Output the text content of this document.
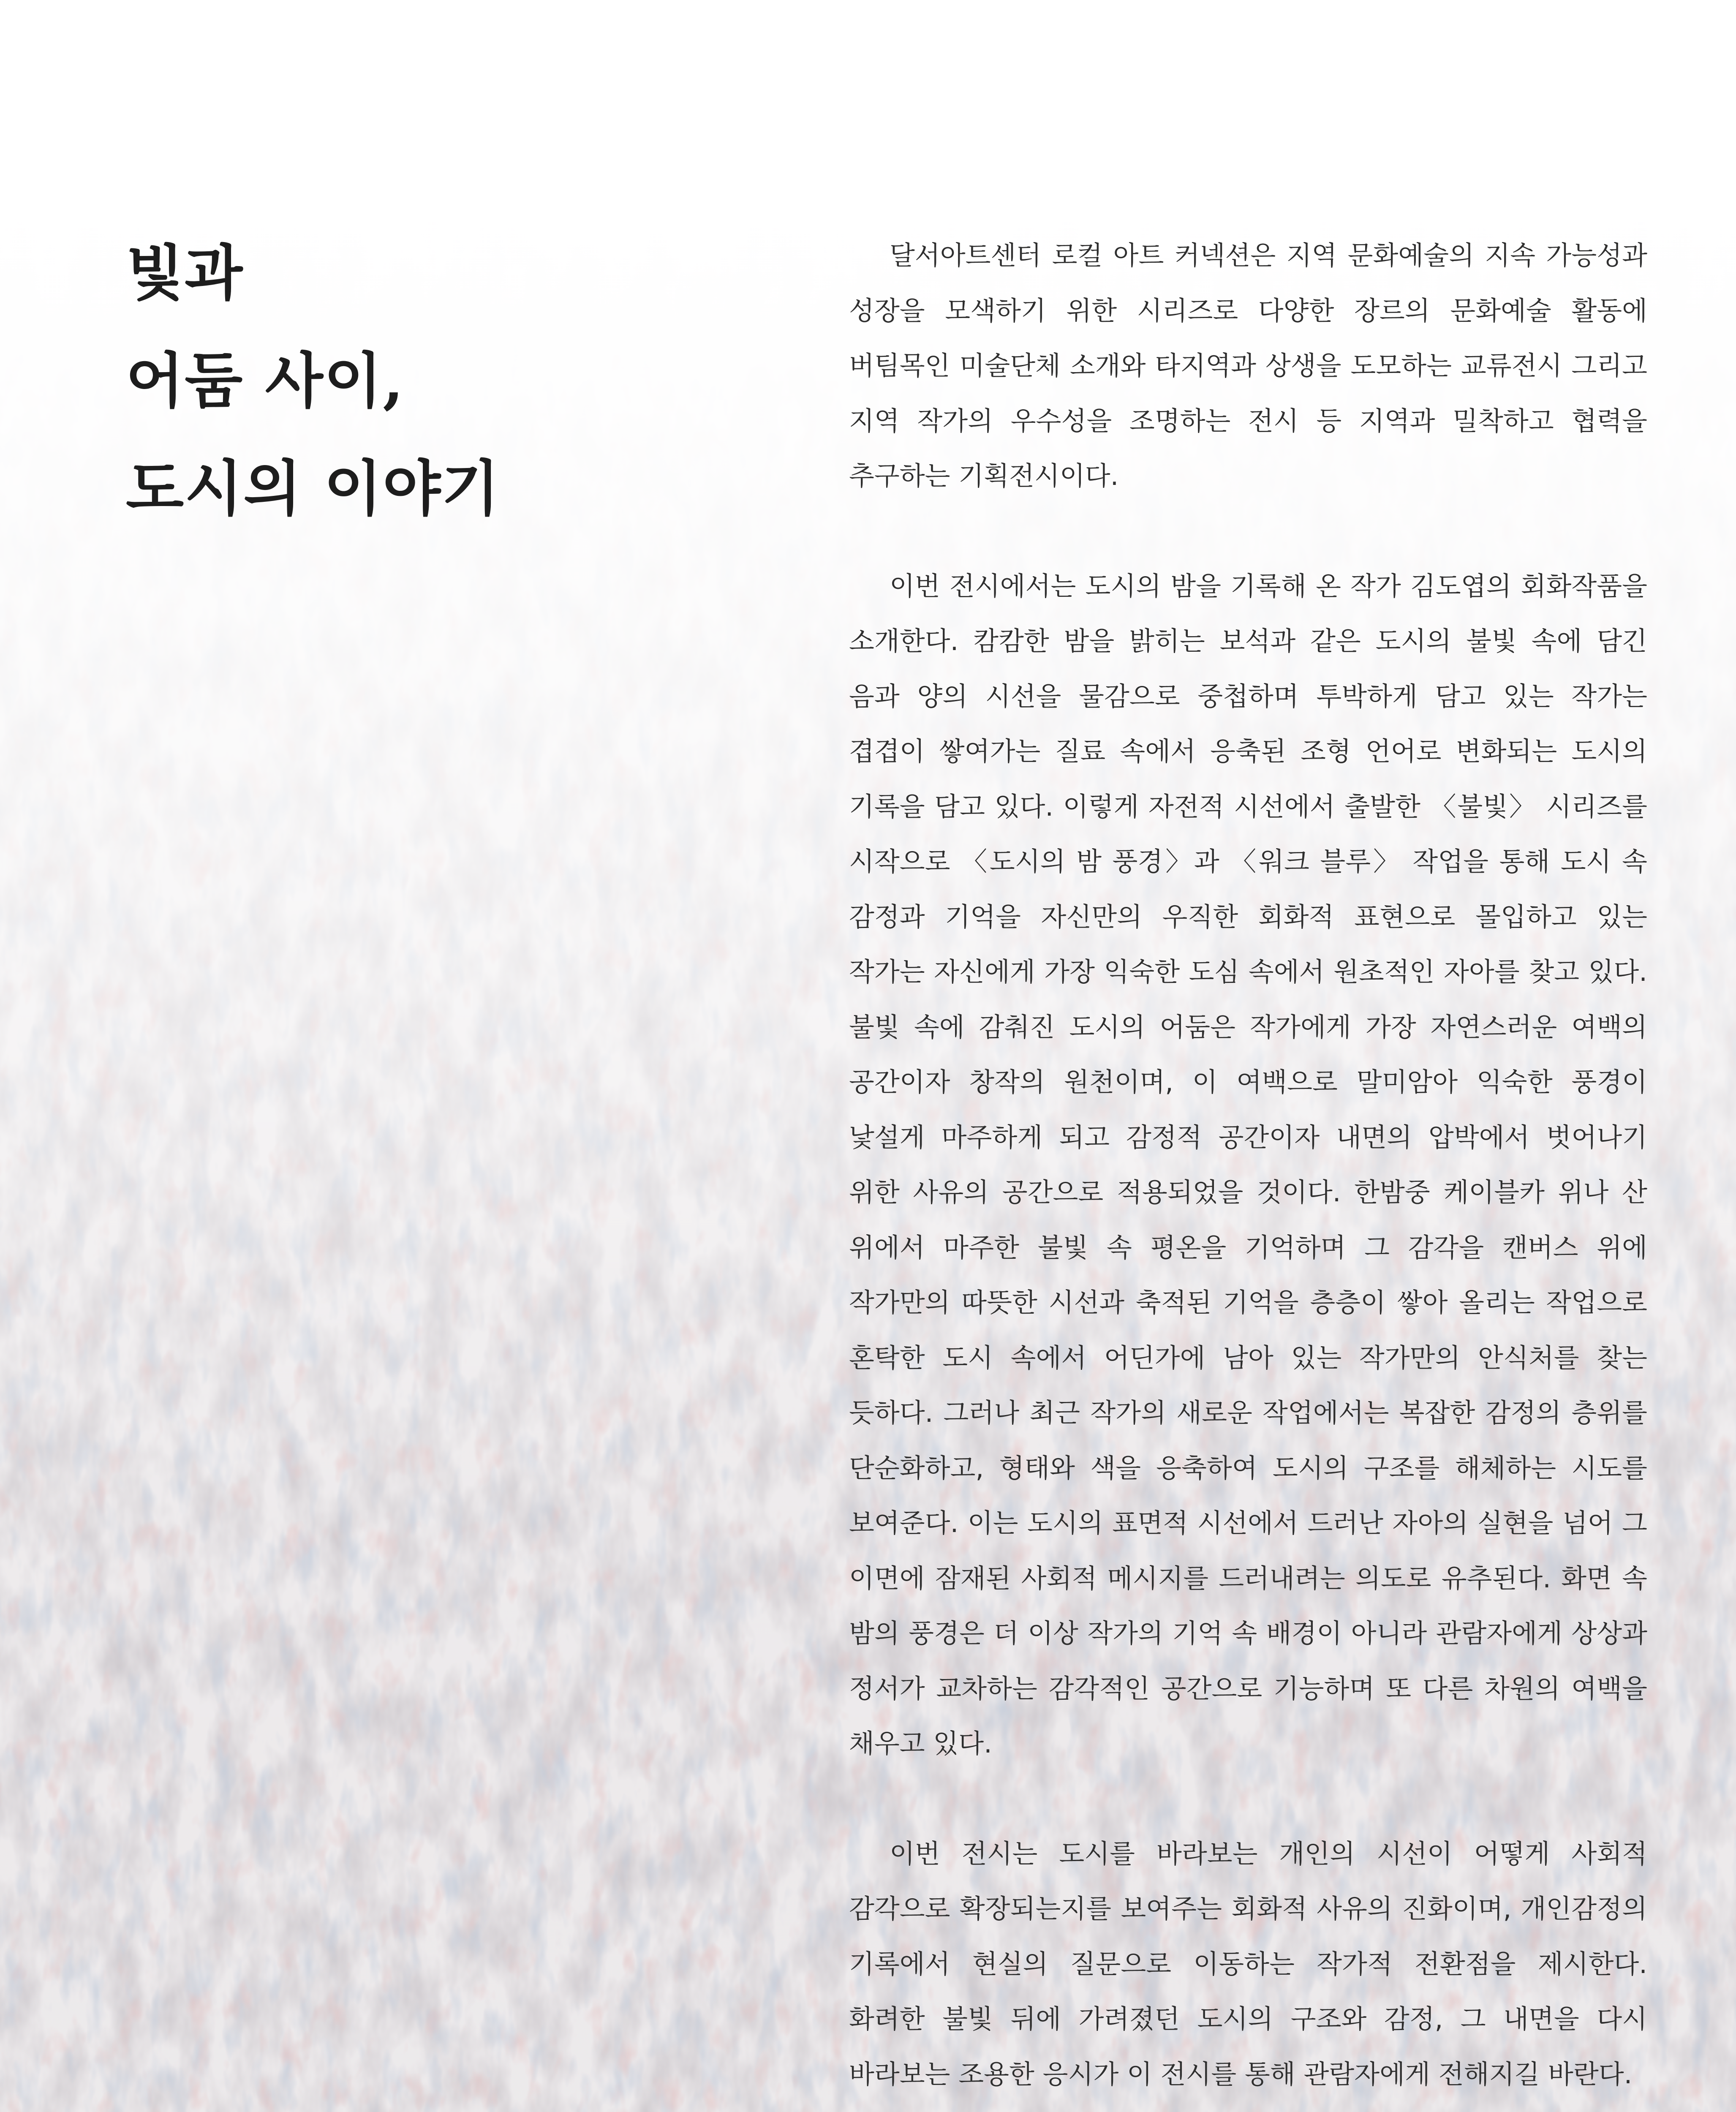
빛과
어둠 사이,
도시의 이야기

달서아트센터 로컬 아트 커넥션은 지역 문화예술의 지속 가능성과 성장을 모색하기 위한 시리즈로 다양한 장르의 문화예술 활동에 버팀목인 미술단체 소개와 타지역과 상생을 도모하는 교류전시 그리고 지역 작가의 우수성을 조명하는 전시 등 지역과 밀착하고 협력을 추구하는 기획전시이다.

이번 전시에서는 도시의 밤을 기록해 온 작가 김도엽의 회화작품을 소개한다. 캄캄한 밤을 밝히는 보석과 같은 도시의 불빛 속에 담긴 음과 양의 시선을 물감으로 중첩하며 투박하게 담고 있는 작가는 겹겹이 쌓여가는 질료 속에서 응축된 조형 언어로 변화되는 도시의 기록을 담고 있다. 이렇게 자전적 시선에서 출발한 〈불빛〉 시리즈를 시작으로 〈도시의 밤 풍경〉과 〈워크 블루〉 작업을 통해 도시 속 감정과 기억을 자신만의 우직한 회화적 표현으로 몰입하고 있는 작가는 자신에게 가장 익숙한 도심 속에서 원초적인 자아를 찾고 있다. 불빛 속에 감춰진 도시의 어둠은 작가에게 가장 자연스러운 여백의 공간이자 창작의 원천이며, 이 여백으로 말미암아 익숙한 풍경이 낯설게 마주하게 되고 감정적 공간이자 내면의 압박에서 벗어나기 위한 사유의 공간으로 적용되었을 것이다. 한밤중 케이블카 위나 산 위에서 마주한 불빛 속 평온을 기억하며 그 감각을 캔버스 위에 작가만의 따뜻한 시선과 축적된 기억을 층층이 쌓아 올리는 작업으로 혼탁한 도시 속에서 어딘가에 남아 있는 작가만의 안식처를 찾는 듯하다. 그러나 최근 작가의 새로운 작업에서는 복잡한 감정의 층위를 단순화하고, 형태와 색을 응축하여 도시의 구조를 해체하는 시도를 보여준다. 이는 도시의 표면적 시선에서 드러난 자아의 실현을 넘어 그 이면에 잠재된 사회적 메시지를 드러내려는 의도로 유추된다. 화면 속 밤의 풍경은 더 이상 작가의 기억 속 배경이 아니라 관람자에게 상상과 정서가 교차하는 감각적인 공간으로 기능하며 또 다른 차원의 여백을 채우고 있다.

이번 전시는 도시를 바라보는 개인의 시선이 어떻게 사회적 감각으로 확장되는지를 보여주는 회화적 사유의 진화이며, 개인감정의 기록에서 현실의 질문으로 이동하는 작가적 전환점을 제시한다. 화려한 불빛 뒤에 가려졌던 도시의 구조와 감정, 그 내면을 다시 바라보는 조용한 응시가 이 전시를 통해 관람자에게 전해지길 바란다.
